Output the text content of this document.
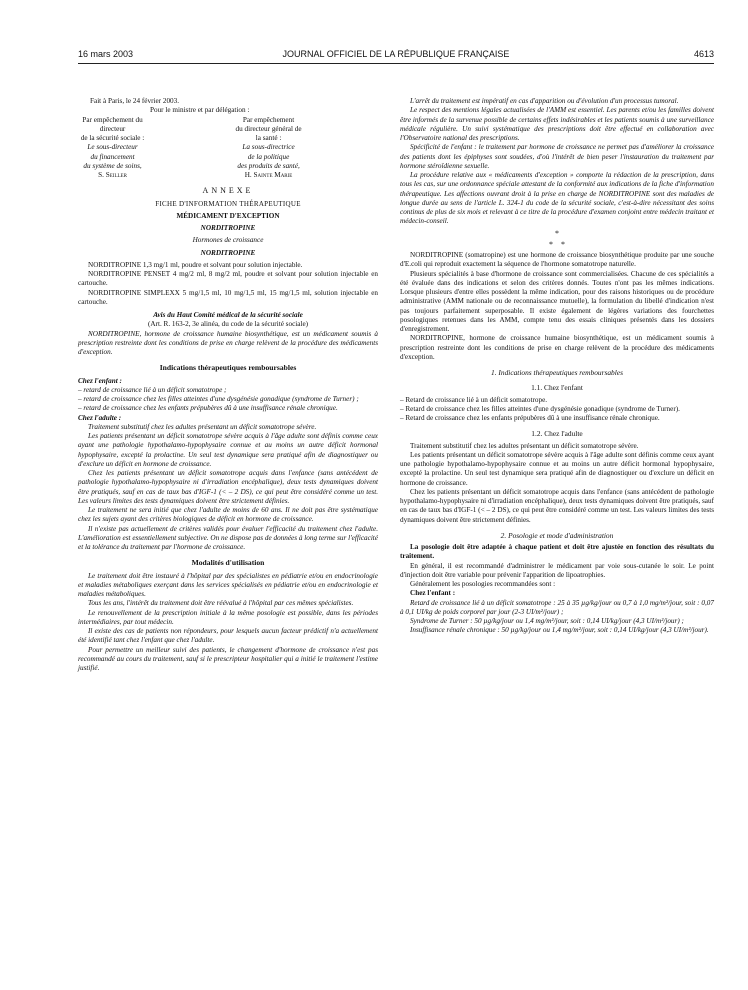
16 mars 2003	JOURNAL OFFICIEL DE LA RÉPUBLIQUE FRANÇAISE	4613

Fait à Paris, le 24 février 2003.

Pour le ministre et par délégation :

Par empêchement du directeur
de la sécurité sociale :
Le sous-directeur
du financement
du système de soins,
S. Seiller
Par empêchement
du directeur général de la santé :
La sous-directrice
de la politique
des produits de santé,
H. Sainte Marie
ANNEXE
FICHE D'INFORMATION THÉRAPEUTIQUE
MÉDICAMENT D'EXCEPTION
NORDITROPINE
Hormones de croissance
NORDITROPINE

NORDITROPINE 1,3 mg/1 ml, poudre et solvant pour solution injectable.

NORDITROPINE PENSET 4 mg/2 ml, 8 mg/2 ml, poudre et solvant pour solution injectable en cartouche.

NORDITROPINE SIMPLEXX 5 mg/1,5 ml, 10 mg/1,5 ml, 15 mg/1,5 ml, solution injectable en cartouche.

Avis du Haut Comité médical de la sécurité sociale
(Art. R. 163-2, 3e alinéa, du code de la sécurité sociale)

NORDITROPINE, hormone de croissance humaine biosynthétique, est un médicament soumis à prescription restreinte dont les conditions de prise en charge relèvent de la procédure des médicaments d'exception.

Indications thérapeutiques remboursables

Chez l'enfant :

– retard de croissance lié à un déficit somatotrope ;
– retard de croissance chez les filles atteintes d'une dysgénésie gonadique (syndrome de Turner) ;
– retard de croissance chez les enfants prépubères dû à une insuffisance rénale chronique.

Chez l'adulte :

Traitement substitutif chez les adultes présentant un déficit somatotrope sévère.

Les patients présentant un déficit somatotrope sévère acquis à l'âge adulte sont définis comme ceux ayant une pathologie hypothalamo-hypophysaire connue et au moins un autre déficit hormonal hypophysaire, excepté la prolactine. Un seul test dynamique sera pratiqué afin de diagnostiquer ou d'exclure un déficit en hormone de croissance.

Chez les patients présentant un déficit somatotrope acquis dans l'enfance (sans antécédent de pathologie hypothalamo-hypophysaire ni d'irradiation encéphalique), deux tests dynamiques doivent être pratiqués, sauf en cas de taux bas d'IGF-1 (< – 2 DS), ce qui peut être considéré comme un test. Les valeurs limites des tests dynamiques doivent être strictement définies.

Le traitement ne sera initié que chez l'adulte de moins de 60 ans. Il ne doit pas être systématique chez les sujets ayant des critères biologiques de déficit en hormone de croissance.

Il n'existe pas actuellement de critères validés pour évaluer l'efficacité du traitement chez l'adulte. L'amélioration est essentiellement subjective. On ne dispose pas de données à long terme sur l'efficacité et la tolérance du traitement par l'hormone de croissance.

Modalités d'utilisation

Le traitement doit être instauré à l'hôpital par des spécialistes en pédiatrie et/ou en endocrinologie et maladies métaboliques exerçant dans les services spécialisés en pédiatrie et/ou en endocrinologie et maladies métaboliques.

Tous les ans, l'intérêt du traitement doit être réévalué à l'hôpital par ces mêmes spécialistes.

Le renouvellement de la prescription initiale à la même posologie est possible, dans les périodes intermédiaires, par tout médecin.

Il existe des cas de patients non répondeurs, pour lesquels aucun facteur prédictif n'a actuellement été identifié tant chez l'enfant que chez l'adulte.

Pour permettre un meilleur suivi des patients, le changement d'hormone de croissance n'est pas recommandé au cours du traitement, sauf si le prescripteur hospitalier qui a initié le traitement l'estime justifié.

L'arrêt du traitement est impératif en cas d'apparition ou d'évolution d'un processus tumoral.

Le respect des mentions légales actualisées de l'AMM est essentiel. Les parents et/ou les familles doivent être informés de la survenue possible de certains effets indésirables et les patients soumis à une surveillance médicale régulière. Un suivi systématique des prescriptions doit être effectué en collaboration avec l'Observatoire national des prescriptions.

Spécificité de l'enfant : le traitement par hormone de croissance ne permet pas d'améliorer la croissance des patients dont les épiphyses sont soudées, d'où l'intérêt de bien peser l'instauration du traitement par hormone stéroïdienne sexuelle.

La procédure relative aux « médicaments d'exception » comporte la rédaction de la prescription, dans tous les cas, sur une ordonnance spéciale attestant de la conformité aux indications de la fiche d'information thérapeutique. Les affections ouvrant droit à la prise en charge de NORDITROPINE sont des maladies de longue durée au sens de l'article L. 324-1 du code de la sécurité sociale, c'est-à-dire nécessitant des soins continus de plus de six mois et relevant à ce titre de la procédure d'examen conjoint entre médecin traitant et médecin-conseil.

*
*    *

NORDITROPINE (somatropine) est une hormone de croissance biosynthétique produite par une souche d'E.coli qui reproduit exactement la séquence de l'hormone somatotrope naturelle.

Plusieurs spécialités à base d'hormone de croissance sont commercialisées. Chacune de ces spécialités a été évaluée dans des indications et selon des critères donnés. Toutes n'ont pas les mêmes indications. Lorsque plusieurs d'entre elles possèdent la même indication, pour des raisons historiques ou de procédure administrative (AMM nationale ou de reconnaissance mutuelle), la formulation du libellé d'indication n'est pas toujours parfaitement superposable. Il existe également de légères variations des fourchettes posologiques retenues dans les AMM, compte tenu des essais cliniques présentés dans les dossiers d'enregistrement.

NORDITROPINE, hormone de croissance humaine biosynthétique, est un médicament soumis à prescription restreinte dont les conditions de prise en charge relèvent de la procédure des médicaments d'exception.

1. Indications thérapeutiques remboursables
1.1. Chez l'enfant
– Retard de croissance lié à un déficit somatotrope.
– Retard de croissance chez les filles atteintes d'une dysgénésie gonadique (syndrome de Turner).
– Retard de croissance chez les enfants prépubères dû à une insuffisance rénale chronique.
1.2. Chez l'adulte

Traitement substitutif chez les adultes présentant un déficit somatotrope sévère.

Les patients présentant un déficit somatotrope sévère acquis à l'âge adulte sont définis comme ceux ayant une pathologie hypothalamo-hypophysaire connue et au moins un autre déficit hormonal hypophysaire, excepté la prolactine. Un seul test dynamique sera pratiqué afin de diagnostiquer ou d'exclure un déficit en hormone de croissance.

Chez les patients présentant un déficit somatotrope acquis dans l'enfance (sans antécédent de pathologie hypothalamo-hypophysaire ni d'irradiation encéphalique), deux tests dynamiques doivent être pratiqués, sauf en cas de taux bas d'IGF-1 (< – 2 DS), ce qui peut être considéré comme un test. Les valeurs limites des tests dynamiques doivent être strictement définies.

2. Posologie et mode d'administration

La posologie doit être adaptée à chaque patient et doit être ajustée en fonction des résultats du traitement.

En général, il est recommandé d'administrer le médicament par voie sous-cutanée le soir. Le point d'injection doit être variable pour prévenir l'apparition de lipoatrophies.

Généralement les posologies recommandées sont :

Chez l'enfant :

Retard de croissance lié à un déficit somatotrope : 25 à 35 µg/kg/jour ou 0,7 à 1,0 mg/m²/jour, soit : 0,07 à 0,1 UI/kg de poids corporel par jour (2-3 UI/m²/jour) ;

Syndrome de Turner : 50 µg/kg/jour ou 1,4 mg/m²/jour, soit : 0,14 UI/kg/jour (4,3 UI/m²/jour) ;

Insuffisance rénale chronique : 50 µg/kg/jour ou 1,4 mg/m²/jour, soit : 0,14 UI/kg/jour (4,3 UI/m²/jour).
